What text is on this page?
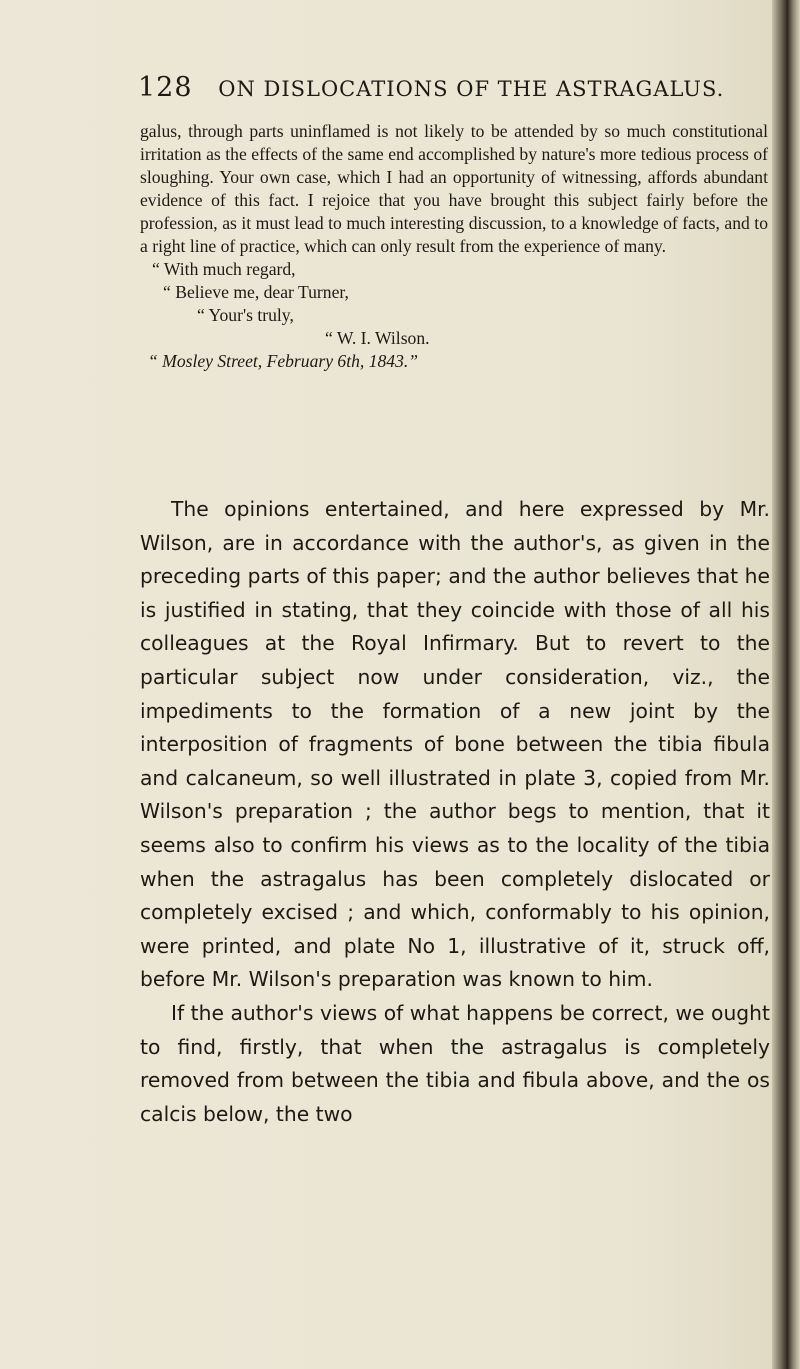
128 ON DISLOCATIONS OF THE ASTRAGALUS.

galus, through parts uninflamed is not likely to be attended by so much constitutional irritation as the effects of the same end accomplished by nature's more tedious process of sloughing. Your own case, which I had an opportunity of witnessing, affords abundant evidence of this fact. I rejoice that you have brought this subject fairly before the profession, as it must lead to much interesting discussion, to a knowledge of facts, and to a right line of practice, which can only result from the experience of many.

“ With much regard,

“ Believe me, dear Turner,

“ Your's truly,

“ W. I. Wilson.

“ Mosley Street, February 6th, 1843.”

The opinions entertained, and here expressed by Mr. Wilson, are in accordance with the author's, as given in the preceding parts of this paper; and the author believes that he is justified in stating, that they coincide with those of all his colleagues at the Royal Infirmary. But to revert to the particular subject now under consideration, viz., the impediments to the formation of a new joint by the interposition of fragments of bone between the tibia fibula and calcaneum, so well illustrated in plate 3, copied from Mr. Wilson's preparation ; the author begs to mention, that it seems also to confirm his views as to the locality of the tibia when the astragalus has been completely dislocated or completely excised ; and which, conformably to his opinion, were printed, and plate No 1, illustrative of it, struck off, before Mr. Wilson's preparation was known to him.

If the author's views of what happens be correct, we ought to find, firstly, that when the astragalus is completely removed from between the tibia and fibula above, and the os calcis below, the two
